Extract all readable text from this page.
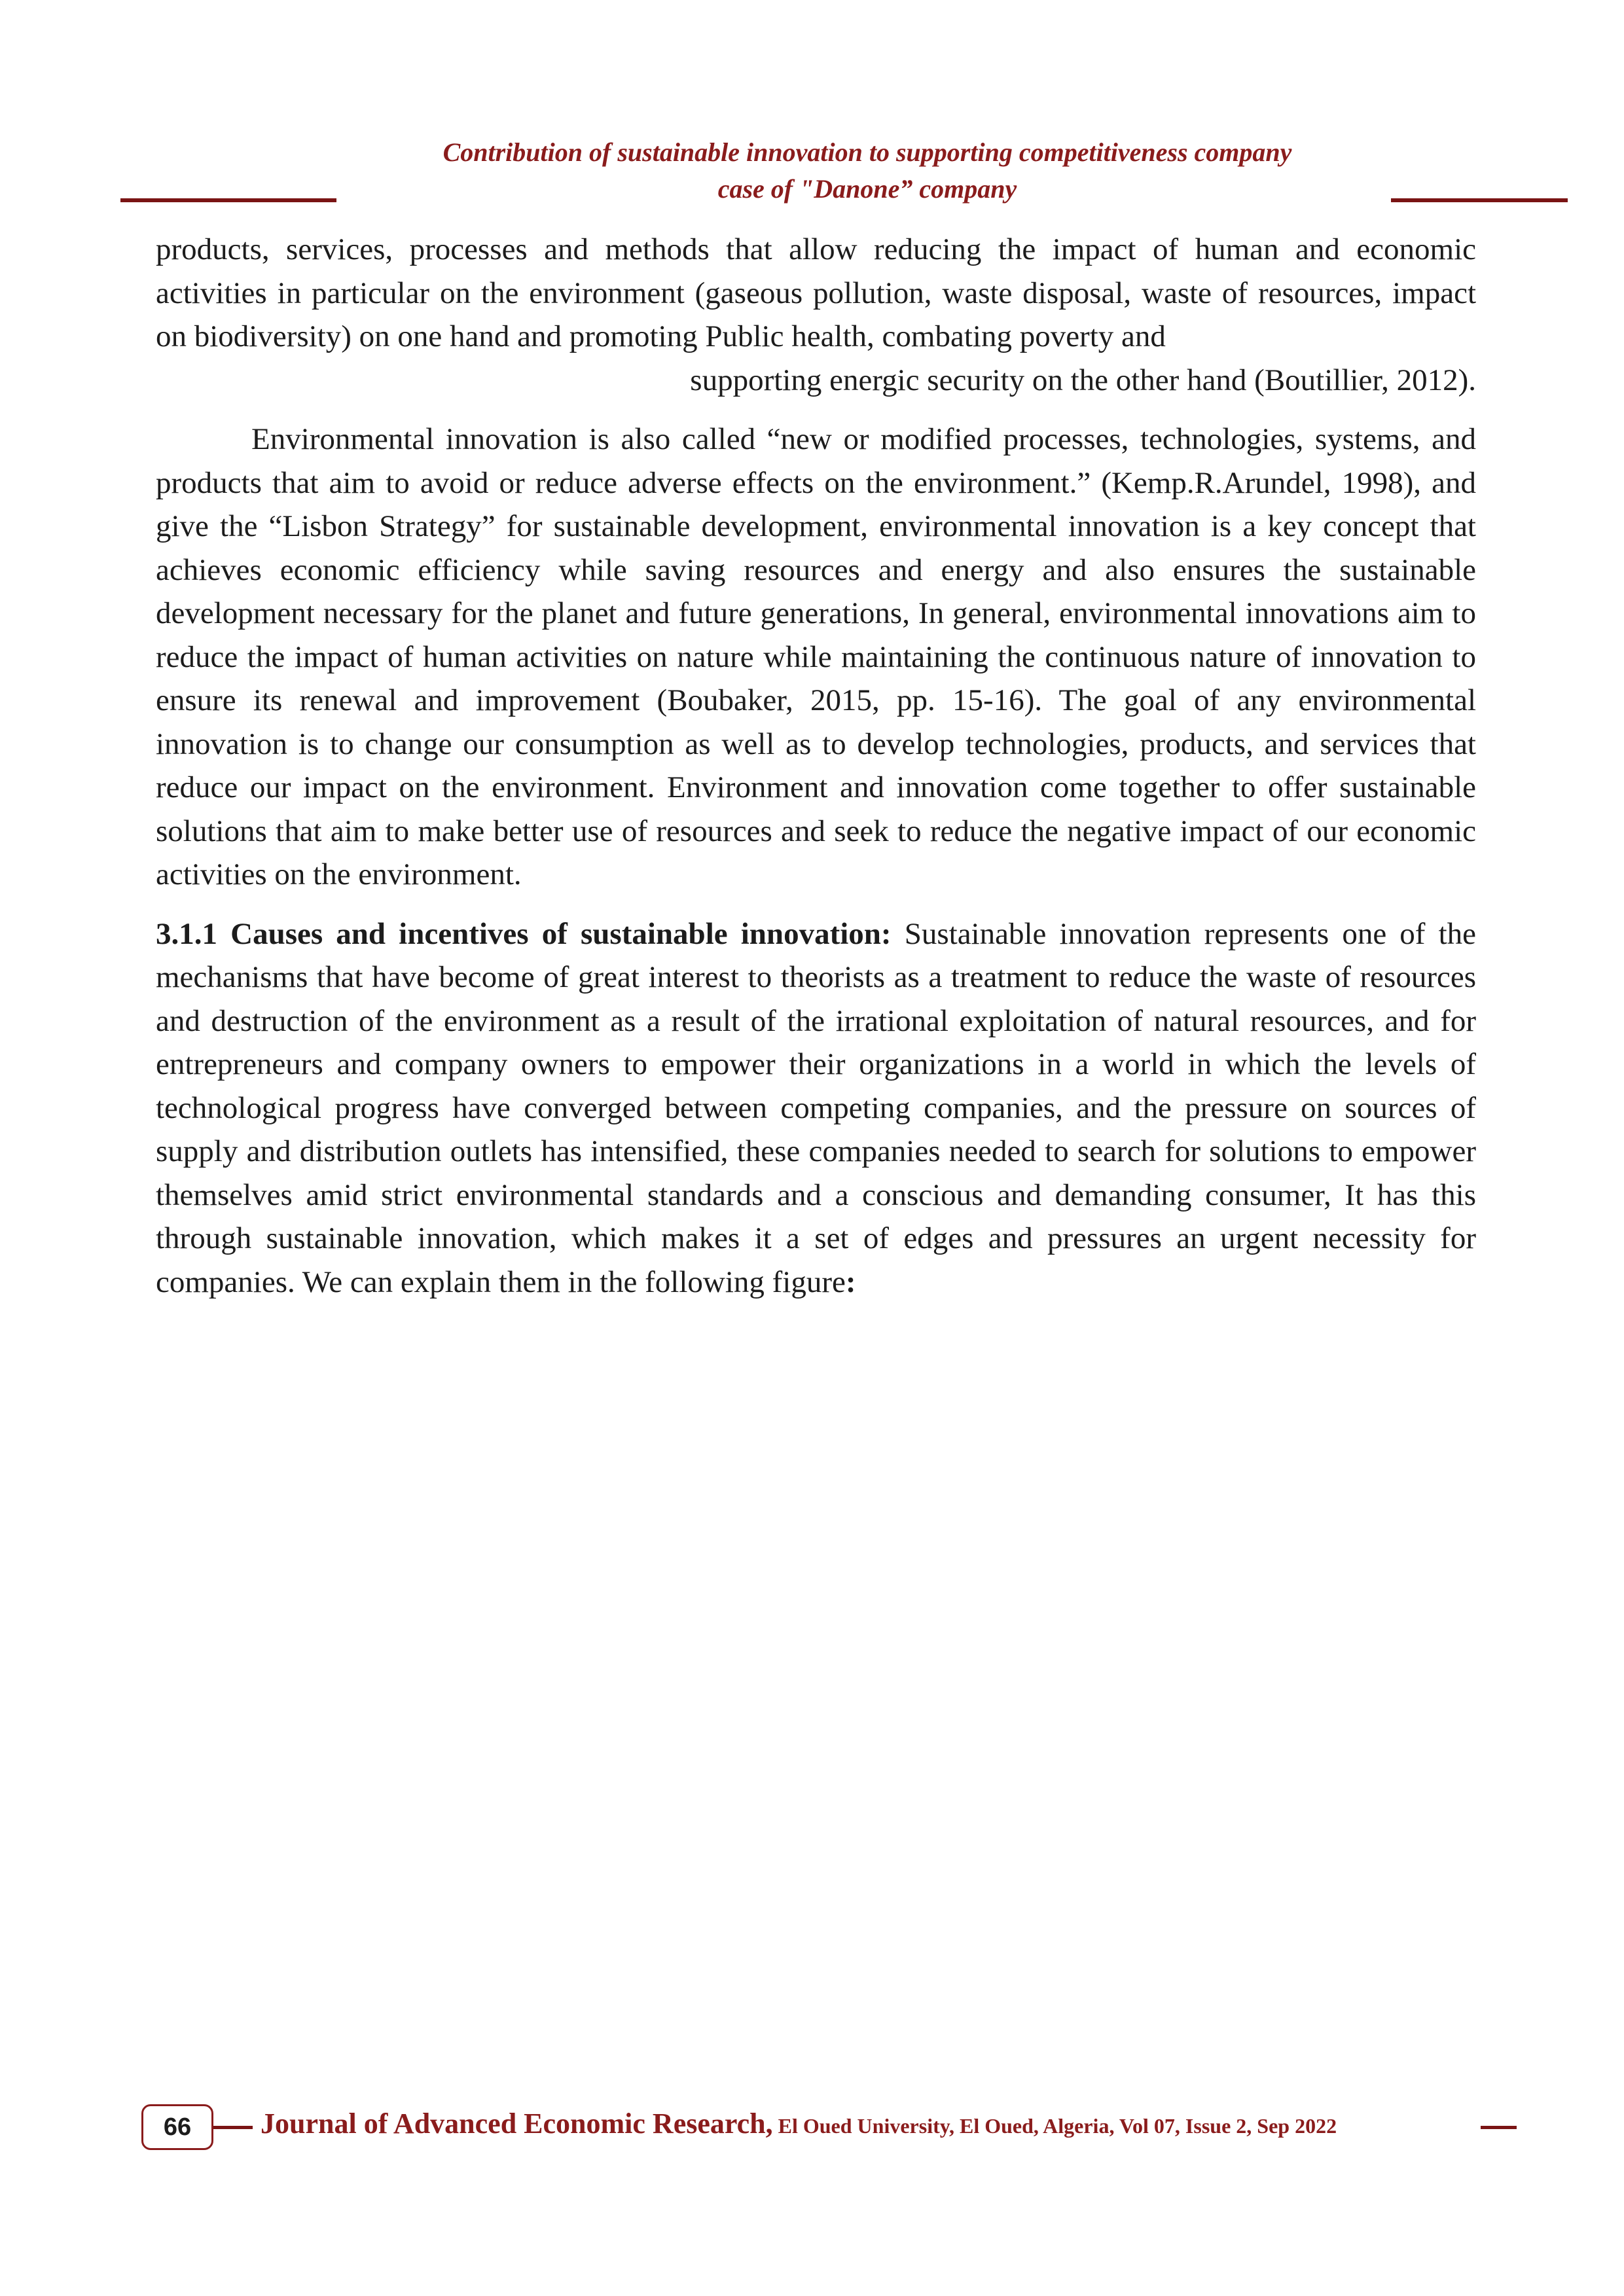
Contribution of sustainable innovation to supporting competitiveness company
case of "Danone” company

products, services, processes and methods that allow reducing the impact of human and economic activities in particular on the environment (gaseous pollution, waste disposal, waste of resources, impact on biodiversity) on one hand and promoting Public health, combating poverty and
supporting energic security on the other hand (Boutillier, 2012).

Environmental innovation is also called “new or modified processes, technologies, systems, and products that aim to avoid or reduce adverse effects on the environment.” (Kemp.R.Arundel, 1998), and give the “Lisbon Strategy” for sustainable development, environmental innovation is a key concept that achieves economic efficiency while saving resources and energy and also ensures the sustainable development necessary for the planet and future generations, In general, environmental innovations aim to reduce the impact of human activities on nature while maintaining the continuous nature of innovation to ensure its renewal and improvement (Boubaker, 2015, pp. 15-16). The goal of any environmental innovation is to change our consumption as well as to develop technologies, products, and services that reduce our impact on the environment. Environment and innovation come together to offer sustainable solutions that aim to make better use of resources and seek to reduce the negative impact of our economic activities on the environment.

3.1.1 Causes and incentives of sustainable innovation: Sustainable innovation represents one of the mechanisms that have become of great interest to theorists as a treatment to reduce the waste of resources and destruction of the environment as a result of the irrational exploitation of natural resources, and for entrepreneurs and company owners to empower their organizations in a world in which the levels of technological progress have converged between competing companies, and the pressure on sources of supply and distribution outlets has intensified, these companies needed to search for solutions to empower themselves amid strict environmental standards and a conscious and demanding consumer, It has this through sustainable innovation, which makes it a set of edges and pressures an urgent necessity for companies. We can explain them in the following figure:

66	Journal of Advanced Economic Research, El Oued University, El Oued, Algeria, Vol 07, Issue 2, Sep 2022
